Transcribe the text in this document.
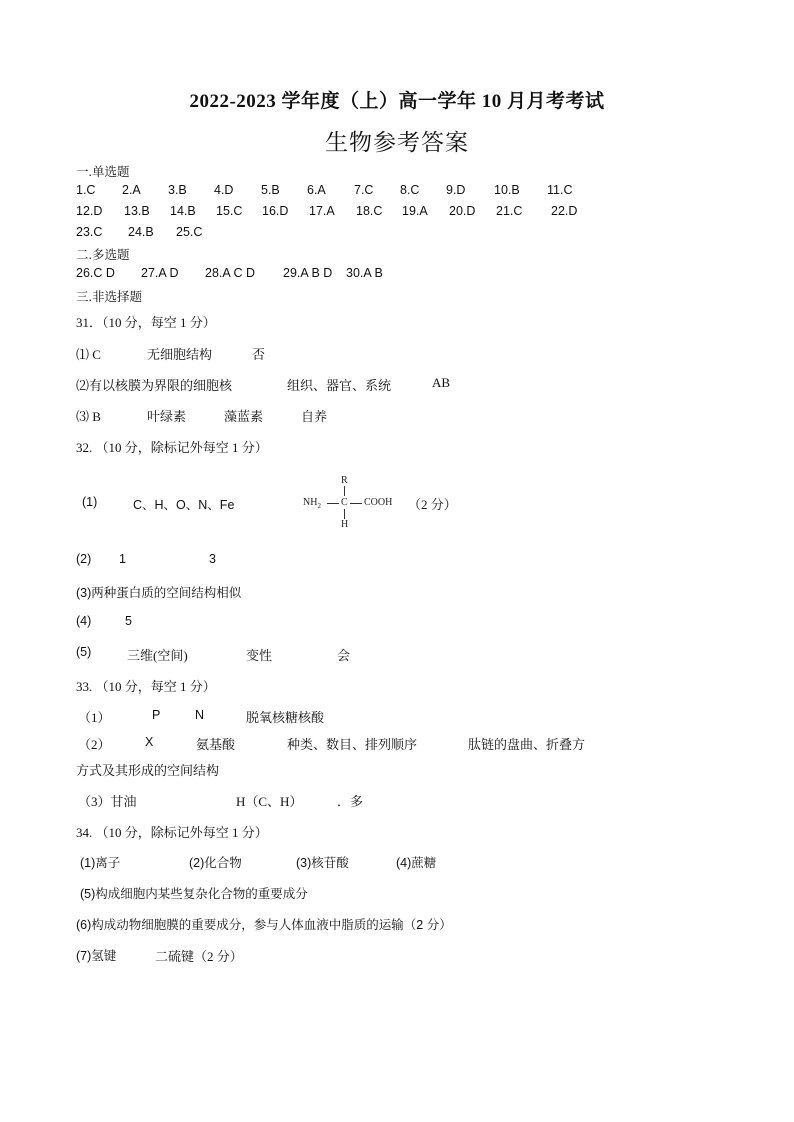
2022-2023 学年度（上）高一学年 10 月月考考试
生物参考答案
一.单选题
1.C 2.A 3.B 4.D 5.B 6.A 7.C 8.C 9.D 10.B 11.C
12.D 13.B 14.B 15.C 16.D 17.A 18.C 19.A 20.D 21.C 22.D
23.C 24.B 25.C
二.多选题
26.C D 27.A D 28.A C D 29.A B D 30.A B
三.非选择题
31．（10 分，每空 1 分）
⑴ C	无细胞结构	否
⑵有以核膜为界限的细胞核	组织、器官、系统	AB
⑶ B	叶绿素	藻蓝素	自养
32. （10 分，除标记外每空 1 分）
(1)	C、H、O、N、Fe	（2 分）
R
$NH_2$ C COOH
H
(2) 1	3
(3)两种蛋白质的空间结构相似
(4)	5
(5)	三维(空间)	变性	会
33. （10 分，每空 1 分）
（1）	P	N	脱氧核糖核酸
（2）	X	氨基酸	种类、数目、排列顺序	肽链的盘曲、折叠方
方式及其形成的空间结构
（3）甘油	H（C、H）	．多
34. （10 分，除标记外每空 1 分）
(1)离子	(2)化合物	(3)核苷酸	(4)蔗糖
(5)构成细胞内某些复杂化合物的重要成分
(6)构成动物细胞膜的重要成分，参与人体血液中脂质的运输（2 分）
(7)氢键	二硫键（2 分）
